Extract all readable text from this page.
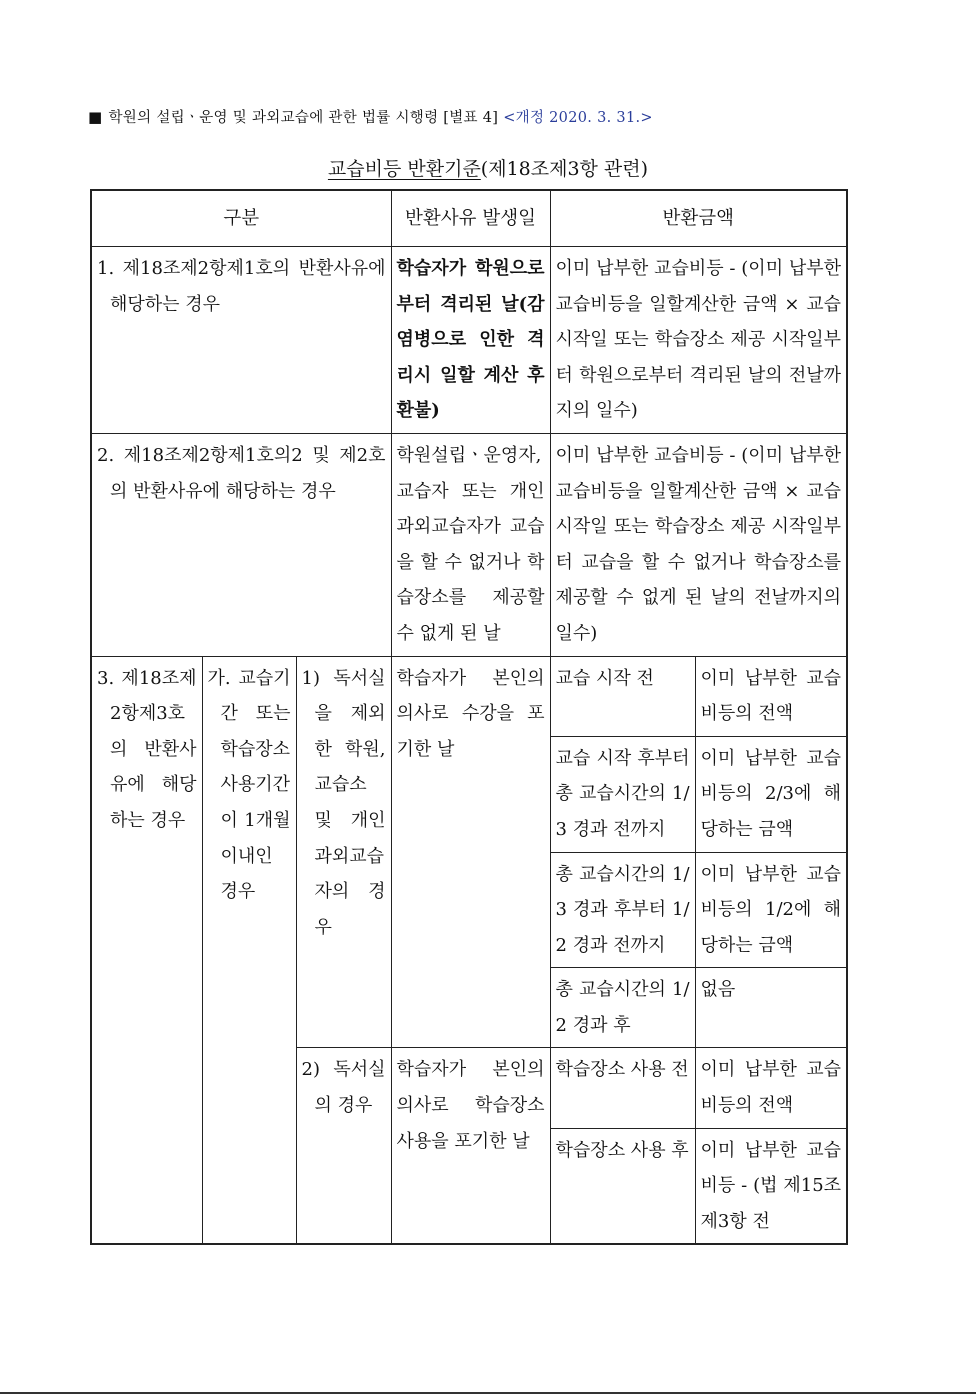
■ 학원의 설립ㆍ운영 및 과외교습에 관한 법률 시행령 [별표 4] <개정 2020. 3. 31.>
교습비등 반환기준(제18조제3항 관련)
구분			반환사유 발생일	반환금액	
1. 제18조제2항제1호의 반환사유에 해당하는 경우			학습자가 학원으로부터 격리된 날(감염병으로 인한 격리시 일할 계산 후 환불)	이미 납부한 교습비등 - (이미 납부한 교습비등을 일할계산한 금액 × 교습 시작일 또는 학습장소 제공 시작일부터 학원으로부터 격리된 날의 전날까지의 일수)	
2. 제18조제2항제1호의2 및 제2호의 반환사유에 해당하는 경우			학원설립ㆍ운영자, 교습자 또는 개인과외교습자가 교습을 할 수 없거나 학습장소를 제공할 수 없게 된 날	이미 납부한 교습비등 - (이미 납부한 교습비등을 일할계산한 금액 × 교습 시작일 또는 학습장소 제공 시작일부터 교습을 할 수 없거나 학습장소를 제공할 수 없게 된 날의 전날까지의 일수)	
3. 제18조제2항제3호의 반환사유에 해당하는 경우	가. 교습기간 또는 학습장소 사용기간이 1개월 이내인 경우	1) 독서실을 제외한 학원, 교습소 및 개인과외교습자의 경우	학습자가 본인의 의사로 수강을 포기한 날	교습 시작 전	이미 납부한 교습비등의 전액
				교습 시작 후부터 총 교습시간의 1/3 경과 전까지	이미 납부한 교습비등의 2/3에 해당하는 금액
				총 교습시간의 1/3 경과 후부터 1/2 경과 전까지	이미 납부한 교습비등의 1/2에 해당하는 금액
				총 교습시간의 1/2 경과 후	없음

		2) 독서실의 경우	학습자가 본인의 의사로 학습장소 사용을 포기한 날	학습장소 사용 전	이미 납부한 교습비등의 전액
				학습장소 사용 후	이미 납부한 교습비등 - (법 제15조제3항 전
